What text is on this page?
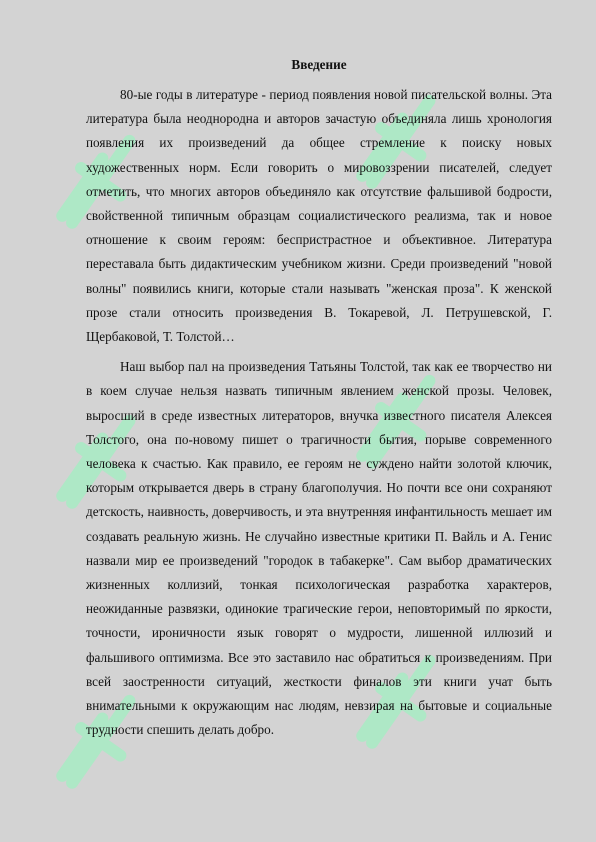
Введение

80-ые годы в литературе - период появления новой писательской волны. Эта литература была неоднородна и авторов зачастую объединяла лишь хронология появления их произведений да общее стремление к поиску новых художественных норм. Если говорить о мировоззрении писателей, следует отметить, что многих авторов объединяло как отсутствие фальшивой бодрости, свойственной типичным образцам социалистического реализма, так и новое отношение к своим героям: беспристрастное и объективное. Литература переставала быть дидактическим учебником жизни. Среди произведений "новой волны" появились книги, которые стали называть "женская проза". К женской прозе стали относить произведения В. Токаревой, Л. Петрушевской, Г. Щербаковой, Т. Толстой…

Наш выбор пал на произведения Татьяны Толстой, так как ее творчество ни в коем случае нельзя назвать типичным явлением женской прозы. Человек, выросший в среде известных литераторов, внучка известного писателя Алексея Толстого, она по-новому пишет о трагичности бытия, порыве современного человека к счастью. Как правило, ее героям не суждено найти золотой ключик, которым открывается дверь в страну благополучия. Но почти все они сохраняют детскость, наивность, доверчивость, и эта внутренняя инфантильность мешает им создавать реальную жизнь. Не случайно известные критики П. Вайль и А. Генис назвали мир ее произведений "городок в табакерке". Сам выбор драматических жизненных коллизий, тонкая психологическая разработка характеров, неожиданные развязки, одинокие трагические герои, неповторимый по яркости, точности, ироничности язык говорят о мудрости, лишенной иллюзий и фальшивого оптимизма. Все это заставило нас обратиться к произведениям. При всей заостренности ситуаций, жесткости финалов эти книги учат быть внимательными к окружающим нас людям, невзирая на бытовые и социальные трудности спешить делать добро.
